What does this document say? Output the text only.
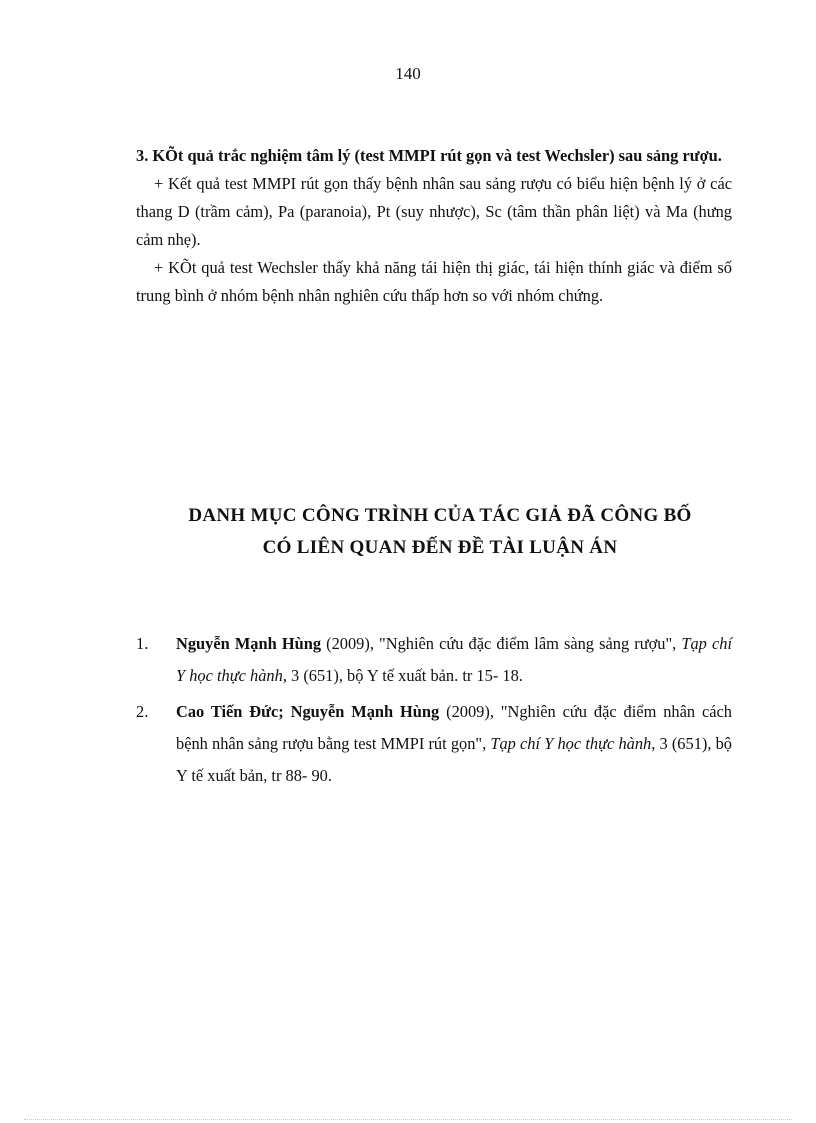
140
3. KÕt quả trắc nghiệm tâm lý (test MMPI rút gọn và test Wechsler) sau sảng rượu.
+ Kết quả test MMPI rút gọn thấy bệnh nhân sau sảng rượu có biểu hiện bệnh lý ở các thang D (trầm cảm), Pa (paranoia), Pt (suy nhược), Sc (tâm thần phân liệt) và Ma (hưng cảm nhẹ).
+ KÕt quả test Wechsler thấy khả năng tái hiện thị giác, tái hiện thính giác và điểm số trung bình ở nhóm bệnh nhân nghiên cứu thấp hơn so với nhóm chứng.
DANH MỤC CÔNG TRÌNH CỦA TÁC GIẢ ĐÃ CÔNG BỐ
CÓ LIÊN QUAN ĐẾN ĐỀ TÀI LUẬN ÁN
1.	Nguyễn Mạnh Hùng (2009), "Nghiên cứu đặc điểm lâm sàng sảng rượu", Tạp chí Y học thực hành, 3 (651), bộ Y tế xuất bản. tr 15- 18.
2.	Cao Tiến Đức; Nguyễn Mạnh Hùng (2009), "Nghiên cứu đặc điểm nhân cách bệnh nhân sảng rượu bằng test MMPI rút gọn", Tạp chí Y học thực hành, 3 (651), bộ Y tế xuất bản, tr 88- 90.
